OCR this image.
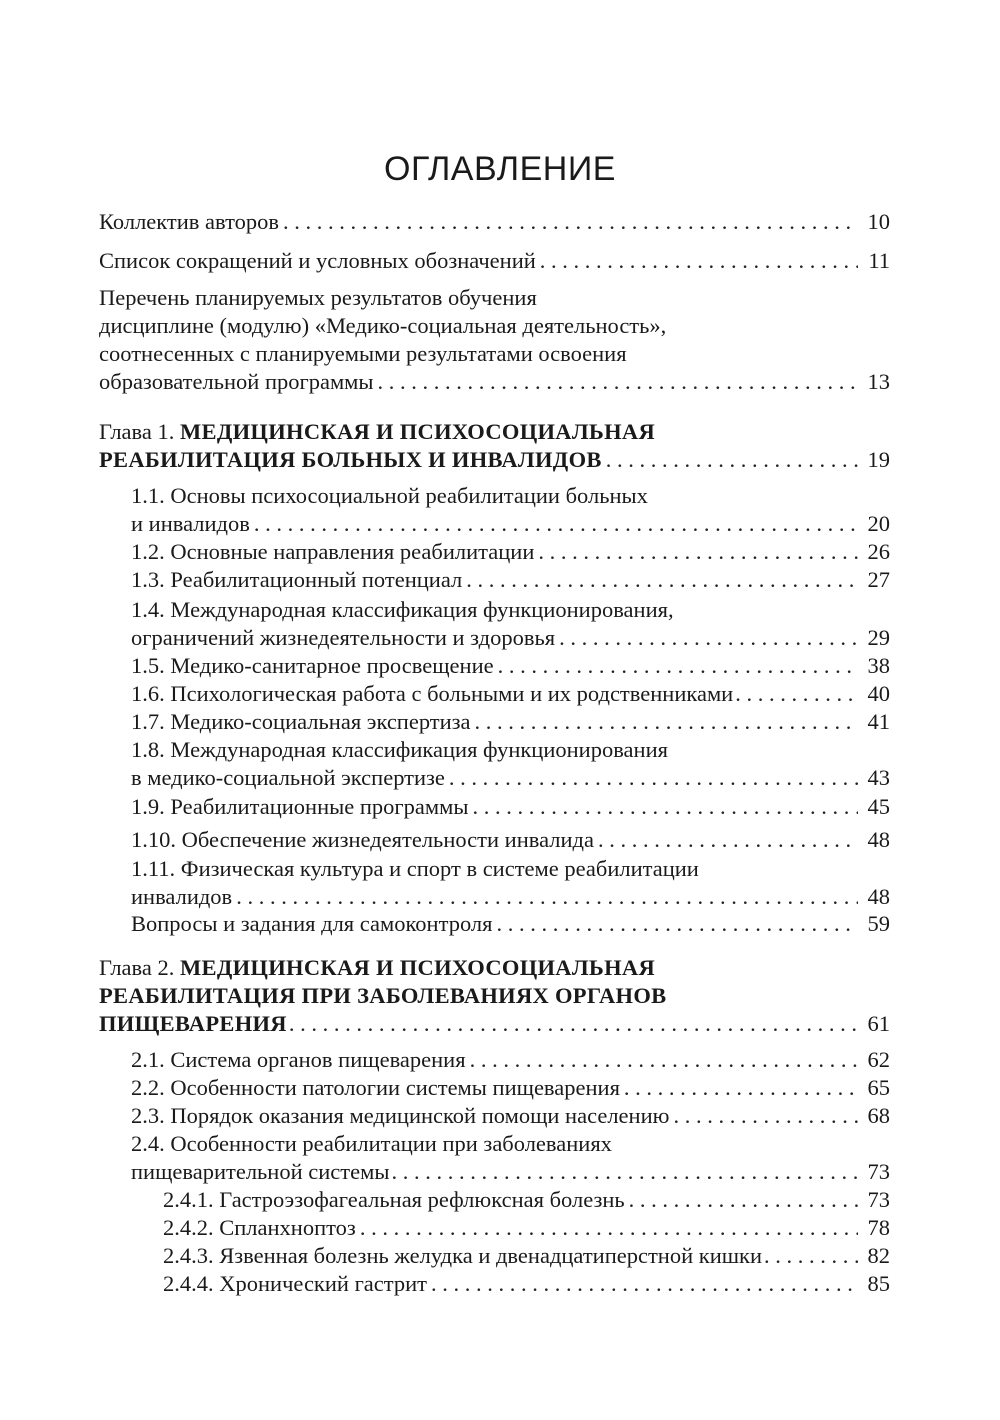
ОГЛАВЛЕНИЕ
Коллектив авторов . . .	10
Список сокращений и условных обозначений . . .	11
Перечень планируемых результатов обучения
дисциплине (модулю) «Медико-социальная деятельность»,
соотнесенных с планируемыми результатами освоения
образовательной программы . . .	13
Глава 1. МЕДИЦИНСКАЯ И ПСИХОСОЦИАЛЬНАЯ
РЕАБИЛИТАЦИЯ БОЛЬНЫХ И ИНВАЛИДОВ . . .	19
1.1. Основы психосоциальной реабилитации больных
и инвалидов . . .	20
1.2. Основные направления реабилитации . . .	26
1.3. Реабилитационный потенциал . . .	27
1.4. Международная классификация функционирования,
ограничений жизнедеятельности и здоровья . . .	29
1.5. Медико-санитарное просвещение . . .	38
1.6. Психологическая работа с больными и их родственниками . . .	40
1.7. Медико-социальная экспертиза . . .	41
1.8. Международная классификация функционирования
в медико-социальной экспертизе . . .	43
1.9. Реабилитационные программы . . .	45
1.10. Обеспечение жизнедеятельности инвалида . . .	48
1.11. Физическая культура и спорт в системе реабилитации
инвалидов . . .	48
Вопросы и задания для самоконтроля . . .	59
Глава 2. МЕДИЦИНСКАЯ И ПСИХОСОЦИАЛЬНАЯ
РЕАБИЛИТАЦИЯ ПРИ ЗАБОЛЕВАНИЯХ ОРГАНОВ
ПИЩЕВАРЕНИЯ . . .	61
2.1. Система органов пищеварения . . .	62
2.2. Особенности патологии системы пищеварения . . .	65
2.3. Порядок оказания медицинской помощи населению . . .	68
2.4. Особенности реабилитации при заболеваниях
пищеварительной системы . . .	73
2.4.1. Гастроэзофагеальная рефлюксная болезнь . . .	73
2.4.2. Спланхноптоз . . .	78
2.4.3. Язвенная болезнь желудка и двенадцатиперстной кишки . . .	82
2.4.4. Хронический гастрит . . .	85
